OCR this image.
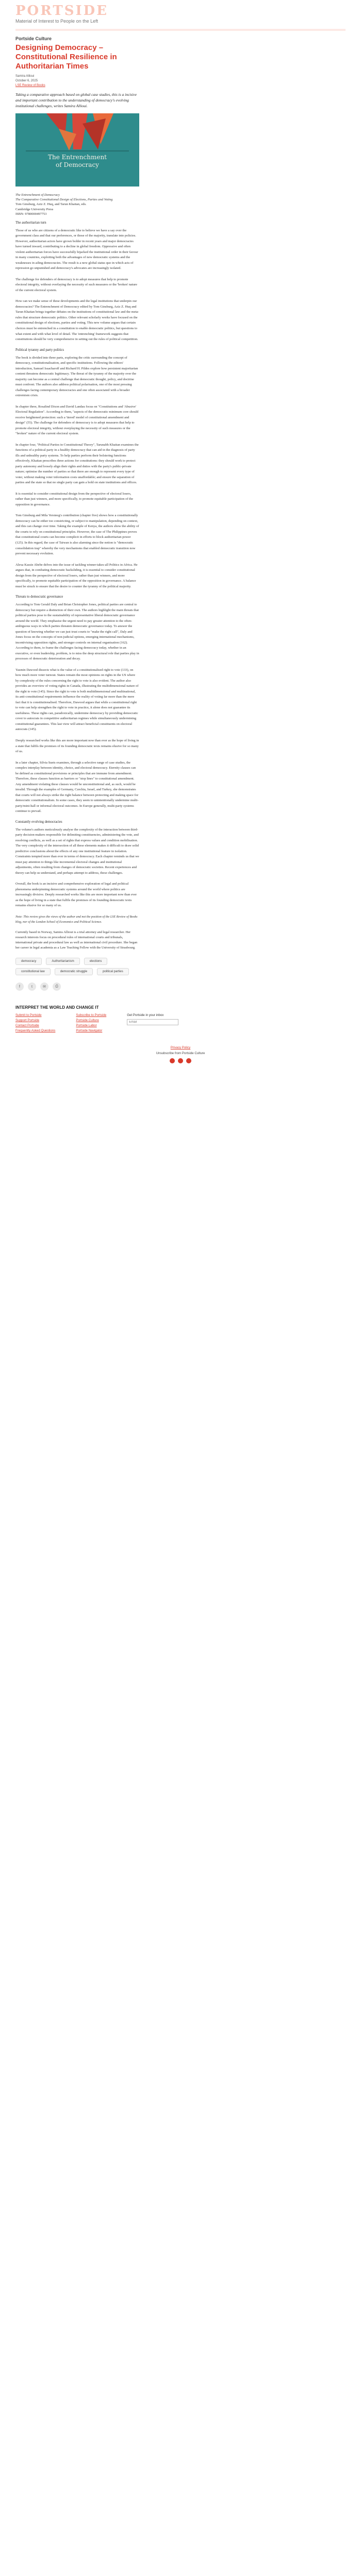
PORTSIDE
Material of Interest to People on the Left
Portside Culture
Designing Democracy – Constitutional Resilience in Authoritarian Times
Samira Allioui
October 6, 2025
LSE Review of Books

Taking a comparative approach based on global case studies, this is a incisive and important contribution to the understanding of democracy's evolving institutional challenges, writes Samira Allioui.

The Entrenchment
of Democracy
The Entrenchment of Democracy
The Comparative Constitutional Design of Elections, Parties and Voting
Tom Ginsburg, Aziz Z. Huq, and Tarun Khaitan, eds.
Cambridge University Press
ISBN: 9780000497753
The authoritarian turn

Those of us who are citizens of a democratic like to believe we have a say over the government class and that our preferences, or those of the majority, translate into policies. However, authoritarian actors have grown bolder in recent years and major democracies have turned inward, contributing to a decline in global freedom. Oppressive and often violent authoritarian forces have successfully hijacked the institutional order in their favour in many countries, exploiting both the advantages of new democratic systems and the weaknesses in ailing democracies. The result is a new global status quo in which acts of repression go unpunished and democracy's advocates are increasingly isolated.

The challenge for defenders of democracy is to adopt measures that help to promote electoral integrity, without overlaying the necessity of such measures or the 'broken' nature of the current electoral system.

How can we make sense of these developments and the legal institutions that underpin our democracies? The Entrenchment of Democracy edited by Tom Ginsburg, Aziz Z. Huq and Tarun Khaitan brings together debates on the institutions of constitutional law and the meta-rules that structure democratic politics. Other relevant scholarly works have focused on the constitutional design of elections, parties and voting. This new volume argues that certain choices must be entrenched in a constitution to enable democratic politics, but questions to what extent and with what level of detail. The 'entrenching' framework suggests that constitutions should be very comprehensive in setting out the rules of political competition.

Political tyranny and party politics

The book is divided into three parts, exploring the critic surrounding the concept of democracy, constitutionalisation, and specific institutions. Following the editors' introduction, Samuel Issacharoff and Richard H. Pildes explore how persistent majoritarian content threatens democratic legitimacy. The threat of the tyranny of the majority over the majority can become as a central challenge that democratic thought, policy, and doctrine must confront. The authors also address political polarisation, one of the most pressing challenges facing contemporary democracies and one often associated with a broader extremism crisis.

In chapter three, Rosalind Dixon and David Landau focus on "Constitutions and 'Abusive' Electoral Regulation". According to them, "aspects of the democratic minimum core should receive heightened protection: such a 'tiered' model of constitutional amendment and design" (55). The challenge for defenders of democracy is to adopt measures that help to promote electoral integrity, without overplaying the necessity of such measures or the "broken" nature of the current electoral system.

In chapter four, "Political Parties in Constitutional Theory", Tarunabh Khaitan examines the functions of a political party in a healthy democracy that can aid in the diagnosis of party ills and unhealthy party systems. To help parties perform their bolstering functions effectively, Khaitan prescribes three actions for constitutions: they should work to protect party autonomy and loosely align their rights and duties with the party's public-private nature; optimise the number of parties so that there are enough to represent every type of voter, without making voter information costs unaffordable; and ensure the separation of parties and the state so that no single party can gain a hold on state institutions and offices.

It is essential to consider constitutional design from the perspective of electoral losers, rather than just winners, and more specifically, to promote equitable participation of the opposition in governance.

Tom Ginsburg and Mila Versteeg's contribution (chapter five) shows how a constitutionally democracy can be either too constricting, or subject to manipulation, depending on context, and this can change over time. Taking the example of Kenya, the authors show the ability of the courts to rely on constitutional principles. However, the case of The Philippines proves that constitutional courts can become complicit in efforts to block authoritarian power (125). In this regard, the case of Taiwan is also alarming since the notion is "democratic consolidation trap" whereby the very mechanisms that enabled democratic transition now prevent necessary evolution.

Alexa Kassie Abebe delves into the issue of tackling winner-takes-all Politics in Africa. He argues that, in combating democratic backsliding, it is essential to consider constitutional design from the perspective of electoral losers, rather than just winners, and more specifically, to promote equitable participation of the opposition in governance. A balance must be struck to ensure that the desire to counter the tyranny of the political majority.

Threats to democratic governance

According to Tom Gerald Daly and Brian Christopher Jones, political parties are central to democracy but require a distinction of their own. The authors highlight the main threats that political parties pose to the sustainability of representative liberal democratic governance around the world. They emphasise the urgent need to pay greater attention to the often-ambiguous ways in which parties threaten democratic governance today. To answer the question of knowing whether we can just trust courts to "make the right call", Daly and Jones focus on the concepts of non-judicial options, emerging international mechanisms, incentivising opposition rights, and stronger controls on internal organisation (162). According to them, to frame the challenges facing democracy today, whether in an executive, or even leadership, problem, is to miss the deep structural role that parties play in processes of democratic deterioration and decay.

Yasmin Dawood dissects what is the value of a constitutionalised right to vote (133), on how much more voter turnout. States remain the most opinions on rights in the US where by complexity of the rules concerning the right to vote is also evident. The author also provides an overview of voting rights in Canada, illustrating the multidimensional nature of the right to vote (145). Since the right to vote is both multidimensional and multinational, its anti-constitutional requirements influence the reality of voting far more than the mere fact that it is constitutionalised. Therefore, Dawood argues that while a constitutional right to vote can help strengthen the right to vote in practice, it alone does not guarantee its usefulness. These rights can, paradoxically, undermine democracy by providing democratic cover to autocrats in competitive authoritarian regimes while simultaneously undermining constitutional guarantees. This last view will attract beneficial constituents on electoral autocrats (145).

Deeply researched works like this are more important now than ever as the hope of living in a state that fulfils the promises of its founding democratic texts remains elusive for so many of us.

In a later chapter, Silvia Suets examines, through a selective range of case studies, the complex interplay between identity, choice, and electoral democracy. Eternity clauses can be defined as constitutional provisions or principles that are immune from amendment. Therefore, these clauses function as barriers or "stop lines" to constitutional amendment. Any amendment violating these clauses would be unconstitutional and, as such, would be invalid. Through the examples of Germany, Czechia, Israel, and Turkey, she demonstrates that courts will not always strike the right balance between protecting and making space for democratic constitutionalism. In some cases, they seem to unintentionally undermine multi-party/mini-hall or informal electoral outcomes. In Europe generally, multi-party systems continue to prevail.

Constantly evolving democracies

The volume's authors meticulously analyse the complexity of the interaction between third-party decision-makers responsible for delimiting constituencies, administering the vote, and resolving conflicts, as well as a set of rights that express values and condition mobilisation. The very complexity of the intersection of all these elements makes it difficult to draw solid predictive conclusions about the effects of any one institutional feature in isolation. Constraints tempted more than ever in terms of democracy. Each chapter reminds us that we must pay attention to things like incremental electoral changes and institutional adjustments, often resulting from changes of democratic societies. Recent experiences and theory can help us understand, and perhaps attempt to address, these challenges.

Overall, the book is an incisive and comprehensive exploration of legal and political phenomena underpinning democratic systems around the world where politics are increasingly divisive. Deeply researched works like this are more important now than ever as the hope of living in a state that fulfils the promises of its founding democratic texts remains elusive for so many of us.

Note: This review gives the views of the author and not the position of the LSE Review of Books blog, nor of the London School of Economics and Political Science.

Currently based in Norway, Samira Allioui is a trial attorney and legal researcher. Her research interests focus on procedural rules of international courts and tribunals, international private and procedural law as well as international civil procedure. She began her career in legal academia as a Law Teaching Fellow with the University of Strasbourg.

democracy	Authoritarianism	elections
constitutional law	democratic struggle	political parties
f	t	✉	⎙
INTERPRET THE WORLD AND CHANGE IT
Submit to Portside
Support Portside
Contact Portside
Frequently Asked Questions
Subscribe to Portside
Portside Culture
Portside Labor
Portside Navigator
Get Portside in your inbox
Email
Privacy Policy
Unsubscribe from Portside Culture
